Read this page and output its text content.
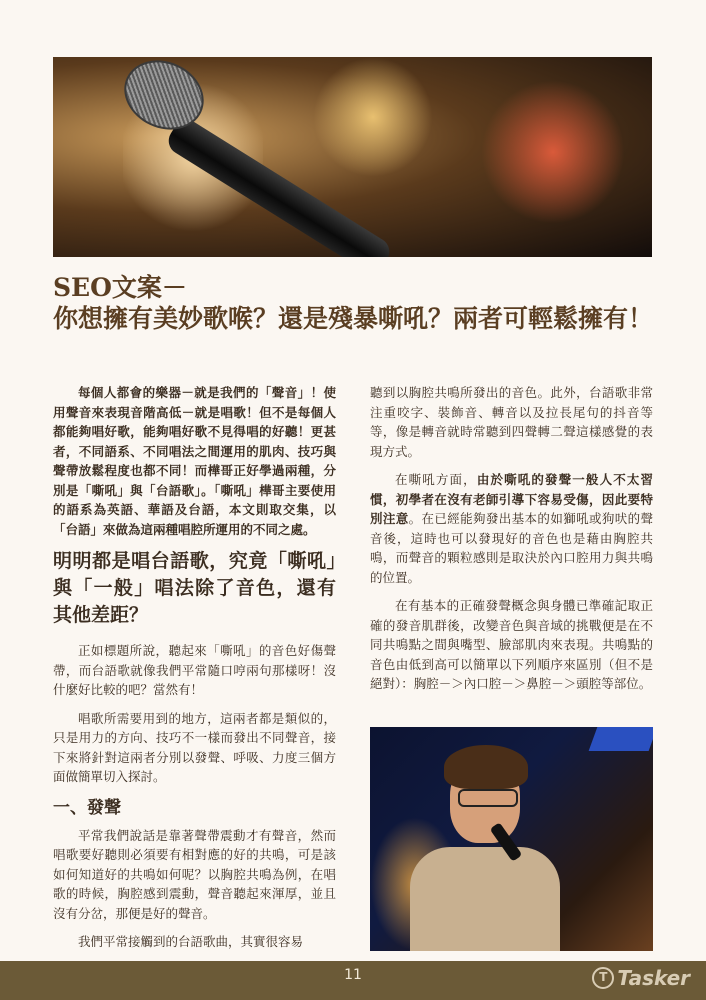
SEO文案－
你想擁有美妙歌喉？還是殘暴嘶吼？兩者可輕鬆擁有！

每個人都會的樂器－就是我們的「聲音」！使用聲音來表現音階高低－就是唱歌！但不是每個人都能夠唱好歌，能夠唱好歌不見得唱的好聽！更甚者，不同語系、不同唱法之間運用的肌肉、技巧與聲帶放鬆程度也都不同！而樺哥正好學過兩種，分別是「嘶吼」與「台語歌」。「嘶吼」樺哥主要使用的語系為英語、華語及台語，本文則取交集，以「台語」來做為這兩種唱腔所運用的不同之處。

明明都是唱台語歌，究竟「嘶吼」與「一般」唱法除了音色，還有其他差距？

正如標題所說，聽起來「嘶吼」的音色好傷聲帶，而台語歌就像我們平常隨口哼兩句那樣呀！沒什麼好比較的吧？當然有！

唱歌所需要用到的地方，這兩者都是類似的，只是用力的方向、技巧不一樣而發出不同聲音，接下來將針對這兩者分別以發聲、呼吸、力度三個方面做簡單切入探討。

一、發聲

平常我們說話是靠著聲帶震動才有聲音，然而唱歌要好聽則必須要有相對應的好的共鳴，可是該如何知道好的共鳴如何呢？以胸腔共鳴為例，在唱歌的時候，胸腔感到震動，聲音聽起來渾厚，並且沒有分岔，那便是好的聲音。

我們平常接觸到的台語歌曲，其實很容易

聽到以胸腔共鳴所發出的音色。此外，台語歌非常注重咬字、裝飾音、轉音以及拉長尾句的抖音等等，像是轉音就時常聽到四聲轉二聲這樣感覺的表現方式。

在嘶吼方面，由於嘶吼的發聲一般人不太習慣，初學者在沒有老師引導下容易受傷，因此要特別注意。在已經能夠發出基本的如獅吼或狗吠的聲音後，這時也可以發現好的音色也是藉由胸腔共鳴，而聲音的顆粒感則是取決於內口腔用力與共鳴的位置。

在有基本的正確發聲概念與身體已準確記取正確的發音肌群後，改變音色與音域的挑戰便是在不同共鳴點之間與嘴型、臉部肌肉來表現。共鳴點的音色由低到高可以簡單以下列順序來區別（但不是絕對）：胸腔－＞內口腔－＞鼻腔－＞頭腔等部位。

11	T Tasker
